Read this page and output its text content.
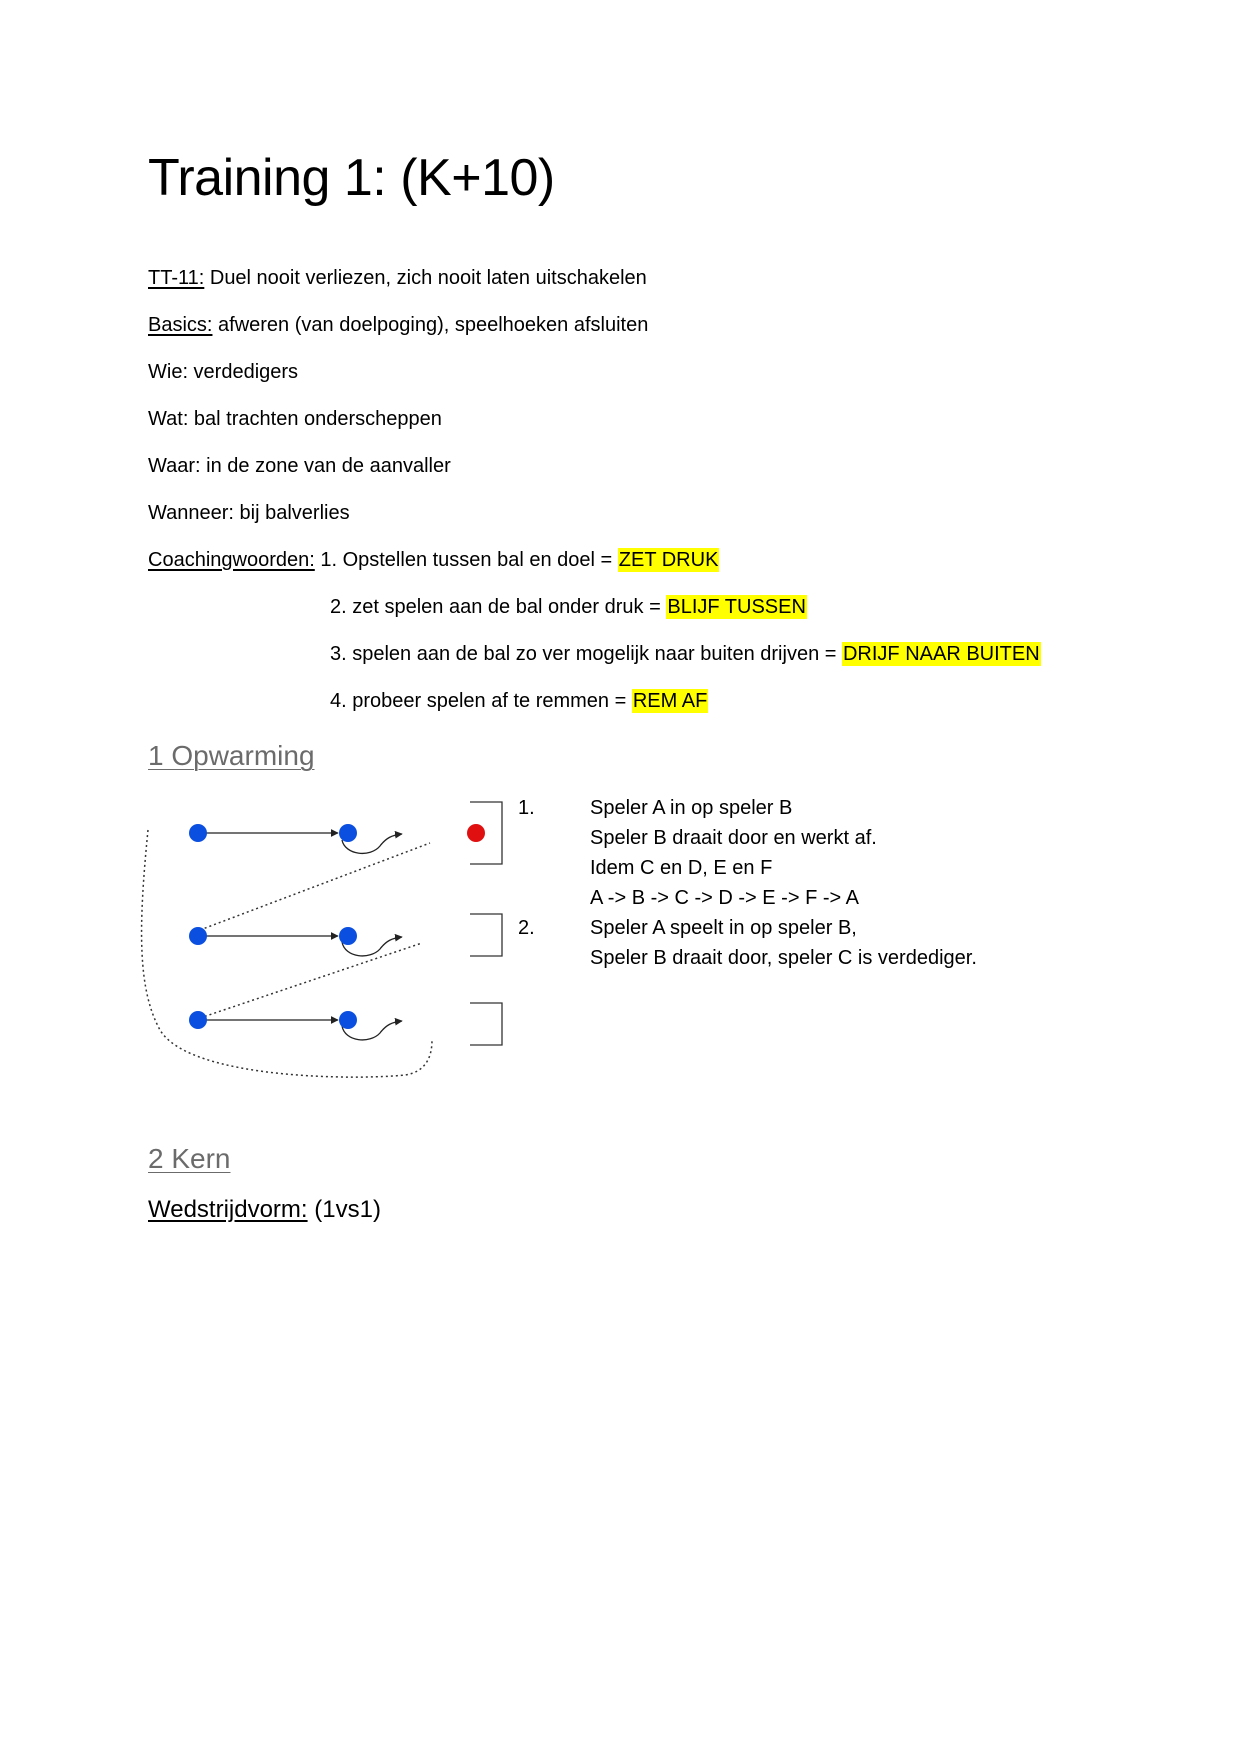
Training 1: (K+10)
TT-11: Duel nooit verliezen, zich nooit laten uitschakelen
Basics: afweren (van doelpoging), speelhoeken afsluiten
Wie: verdedigers
Wat: bal trachten onderscheppen
Waar: in de zone van de aanvaller
Wanneer: bij balverlies
Coachingwoorden: 1. Opstellen tussen bal en doel = ZET DRUK
2. zet spelen aan de bal onder druk = BLIJF TUSSEN
3. spelen aan de bal zo ver mogelijk naar buiten drijven = DRIJF NAAR BUITEN
4. probeer spelen af te remmen = REM AF
1 Opwarming
1.	Speler A in op speler B
Speler B draait door en werkt af.
Idem C en D, E en F
A -> B -> C -> D -> E -> F -> A
2.	Speler A speelt in op speler B,
Speler B draait door, speler C is verdediger.
2 Kern
Wedstrijdvorm: (1vs1)
